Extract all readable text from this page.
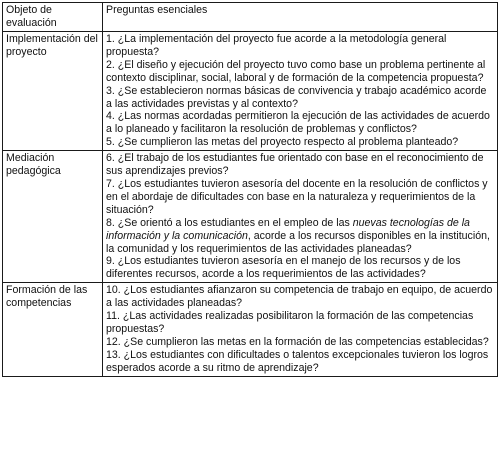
Objeto de evaluación	Preguntas esenciales
Implementación del proyecto	1. ¿La implementación del proyecto fue acorde a la metodología general propuesta?
2. ¿El diseño y ejecución del proyecto tuvo como base un problema pertinente al contexto disciplinar, social, laboral y de formación de la competencia propuesta?
3. ¿Se establecieron normas básicas de convivencia y trabajo académico acorde a las actividades previstas y al contexto?
4. ¿Las normas acordadas permitieron la ejecución de las actividades de acuerdo a lo planeado y facilitaron la resolución de problemas y conflictos?
5. ¿Se cumplieron las metas del proyecto respecto al problema planteado?

Mediación pedagógica	6. ¿El trabajo de los estudiantes fue orientado con base en el reconocimiento de sus aprendizajes previos?
7. ¿Los estudiantes tuvieron asesoría del docente en la resolución de conflictos y en el abordaje de dificultades con base en la naturaleza y requerimientos de la situación?
8. ¿Se orientó a los estudiantes en el empleo de las nuevas tecnologías de la información y la comunicación, acorde a los recursos disponibles en la institución, la comunidad y los requerimientos de las actividades planeadas?
9. ¿Los estudiantes tuvieron asesoría en el manejo de los recursos y de los diferentes recursos, acorde a los requerimientos de las actividades?

Formación de las competencias	10. ¿Los estudiantes afianzaron su competencia de trabajo en equipo, de acuerdo a las actividades planeadas?
11. ¿Las actividades realizadas posibilitaron la formación de las competencias propuestas?
12. ¿Se cumplieron las metas en la formación de las competencias establecidas?
13. ¿Los estudiantes con dificultades o talentos excepcionales tuvieron los logros esperados acorde a su ritmo de aprendizaje?
